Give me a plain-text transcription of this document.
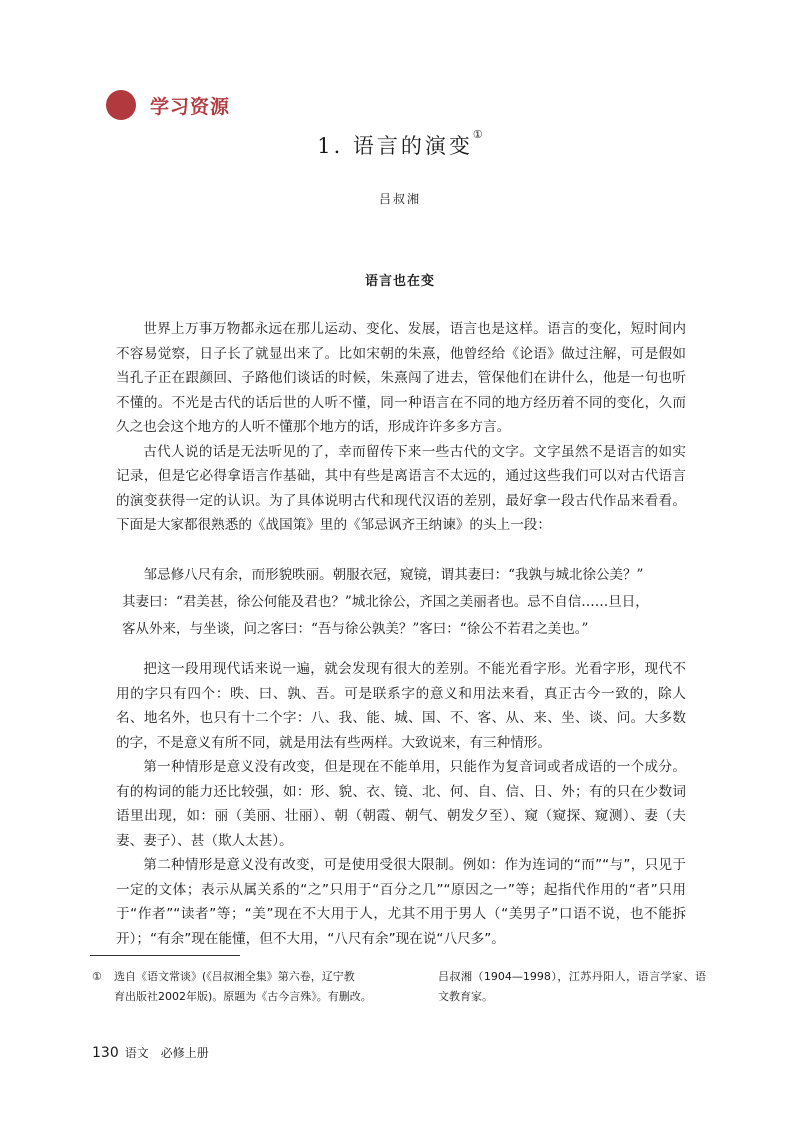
学习资源
1. 语言的演变①
吕叔湘
语言也在变

世界上万事万物都永远在那儿运动、变化、发展，语言也是这样。语言的变化，短时间内不容易觉察，日子长了就显出来了。比如宋朝的朱熹，他曾经给《论语》做过注解，可是假如当孔子正在跟颜回、子路他们谈话的时候，朱熹闯了进去，管保他们在讲什么，他是一句也听不懂的。不光是古代的话后世的人听不懂，同一种语言在不同的地方经历着不同的变化，久而久之也会这个地方的人听不懂那个地方的话，形成许许多多方言。

古代人说的话是无法听见的了，幸而留传下来一些古代的文字。文字虽然不是语言的如实记录，但是它必得拿语言作基础，其中有些是离语言不太远的，通过这些我们可以对古代语言的演变获得一定的认识。为了具体说明古代和现代汉语的差别，最好拿一段古代作品来看看。下面是大家都很熟悉的《战国策》里的《邹忌讽齐王纳谏》的头上一段：

邹忌修八尺有余，而形貌昳丽。朝服衣冠，窥镜，谓其妻曰：“我孰与城北徐公美？”

其妻曰：“君美甚，徐公何能及君也？”城北徐公，齐国之美丽者也。忌不自信……旦日，

客从外来，与坐谈，问之客曰：“吾与徐公孰美？”客曰：“徐公不若君之美也。”

把这一段用现代话来说一遍，就会发现有很大的差别。不能光看字形。光看字形，现代不用的字只有四个：昳、曰、孰、吾。可是联系字的意义和用法来看，真正古今一致的，除人名、地名外，也只有十二个字：八、我、能、城、国、不、客、从、来、坐、谈、问。大多数的字，不是意义有所不同，就是用法有些两样。大致说来，有三种情形。

第一种情形是意义没有改变，但是现在不能单用，只能作为复音词或者成语的一个成分。有的构词的能力还比较强，如：形、貌、衣、镜、北、何、自、信、日、外；有的只在少数词语里出现，如：丽（美丽、壮丽）、朝（朝霞、朝气、朝发夕至）、窥（窥探、窥测）、妻（夫妻、妻子）、甚（欺人太甚）。

第二种情形是意义没有改变，可是使用受很大限制。例如：作为连词的“而”“与”，只见于一定的文体；表示从属关系的“之”只用于“百分之几”“原因之一”等；起指代作用的“者”只用于“作者”“读者”等；“美”现在不大用于人，尤其不用于男人（“美男子”口语不说，也不能拆开）；“有余”现在能懂，但不大用，“八尺有余”现在说“八尺多”。

① 选自《语文常谈》(《吕叔湘全集》第六卷，辽宁教
育出版社2002年版)。原题为《古今言殊》。有删改。
吕叔湘（1904—1998），江苏丹阳人，语言学家、语文教育家。
130 语文　必修上册
